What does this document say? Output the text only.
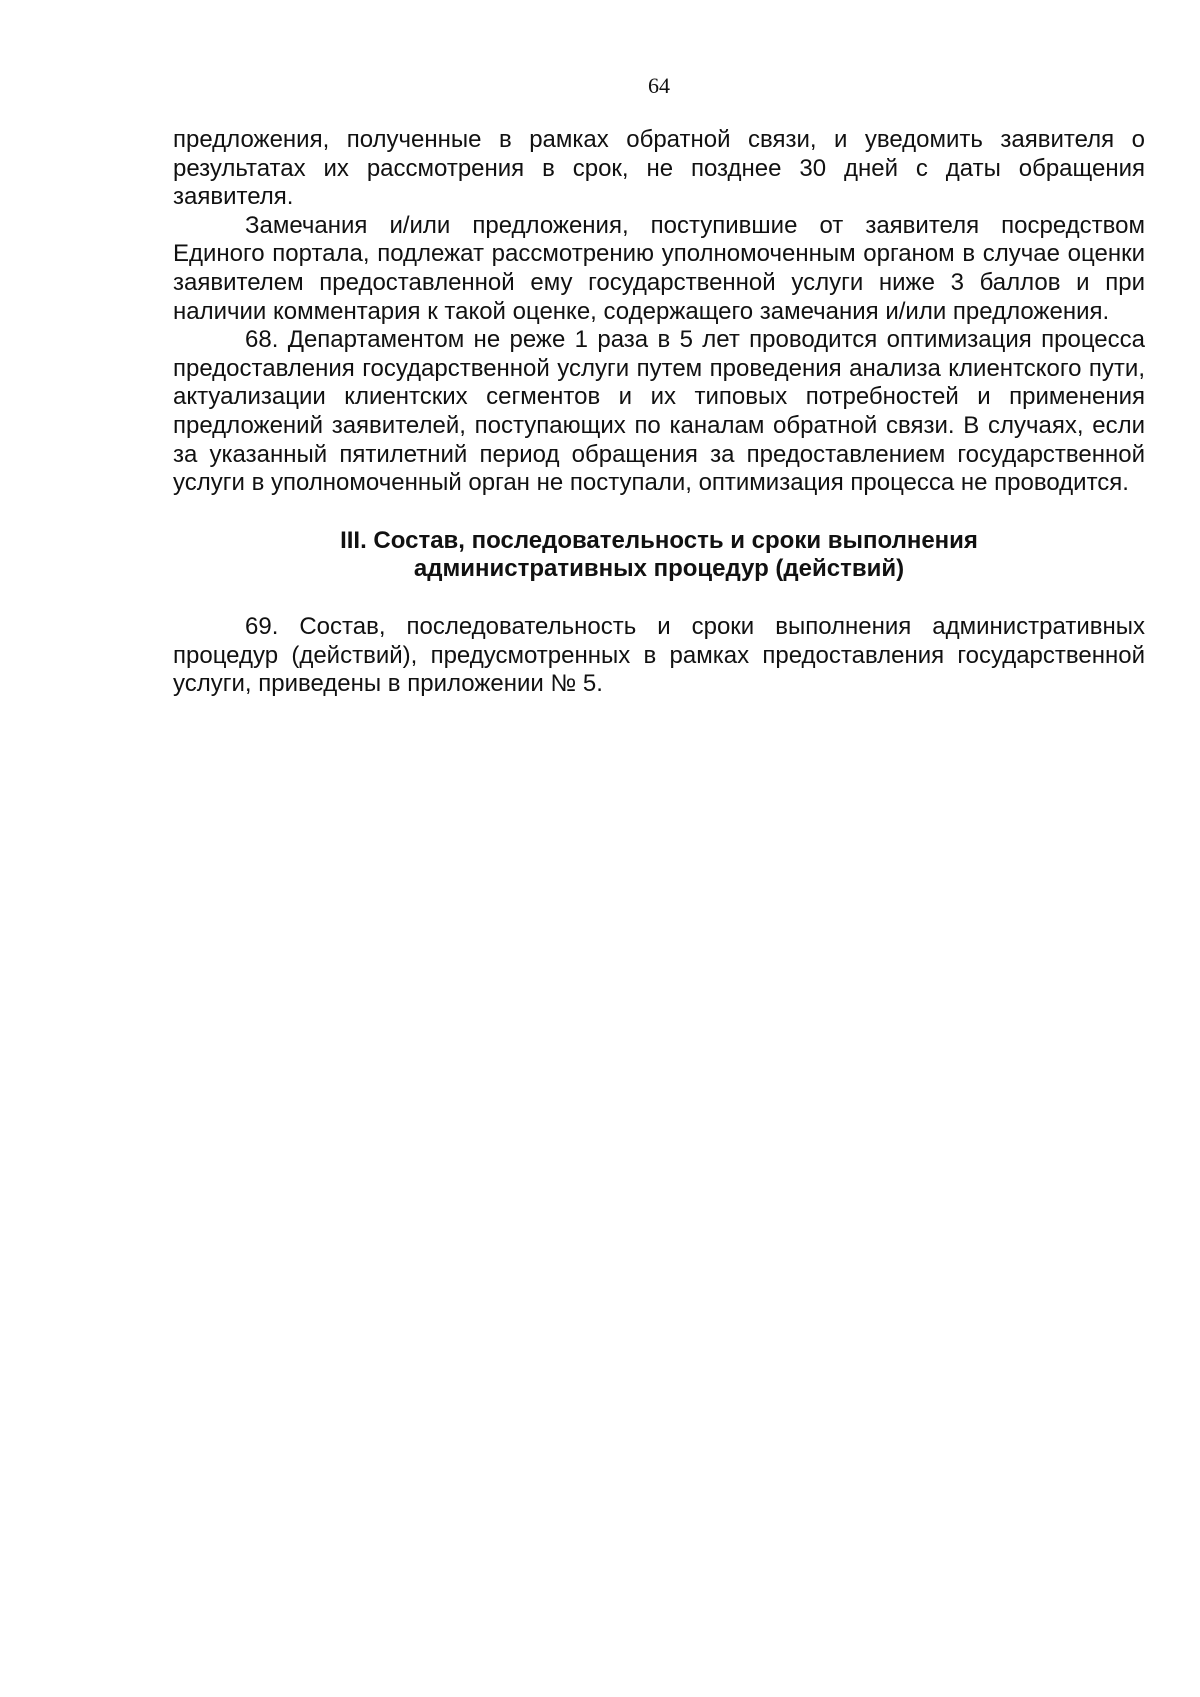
64

предложения, полученные в рамках обратной связи, и уведомить заявителя о результатах их рассмотрения в срок, не позднее 30 дней с даты обращения заявителя.

Замечания и/или предложения, поступившие от заявителя посредством Единого портала, подлежат рассмотрению уполномоченным органом в случае оценки заявителем предоставленной ему государственной услуги ниже 3 баллов и при наличии комментария к такой оценке, содержащего замечания и/или предложения.

68. Департаментом не реже 1 раза в 5 лет проводится оптимизация процесса предоставления государственной услуги путем проведения анализа клиентского пути, актуализации клиентских сегментов и их типовых потребностей и применения предложений заявителей, поступающих по каналам обратной связи. В случаях, если за указанный пятилетний период обращения за предоставлением государственной услуги в уполномоченный орган не поступали, оптимизация процесса не проводится.

III. Состав, последовательность и сроки выполнения
административных процедур (действий)

69. Состав, последовательность и сроки выполнения административных процедур (действий), предусмотренных в рамках предоставления государственной услуги, приведены в приложении № 5.
